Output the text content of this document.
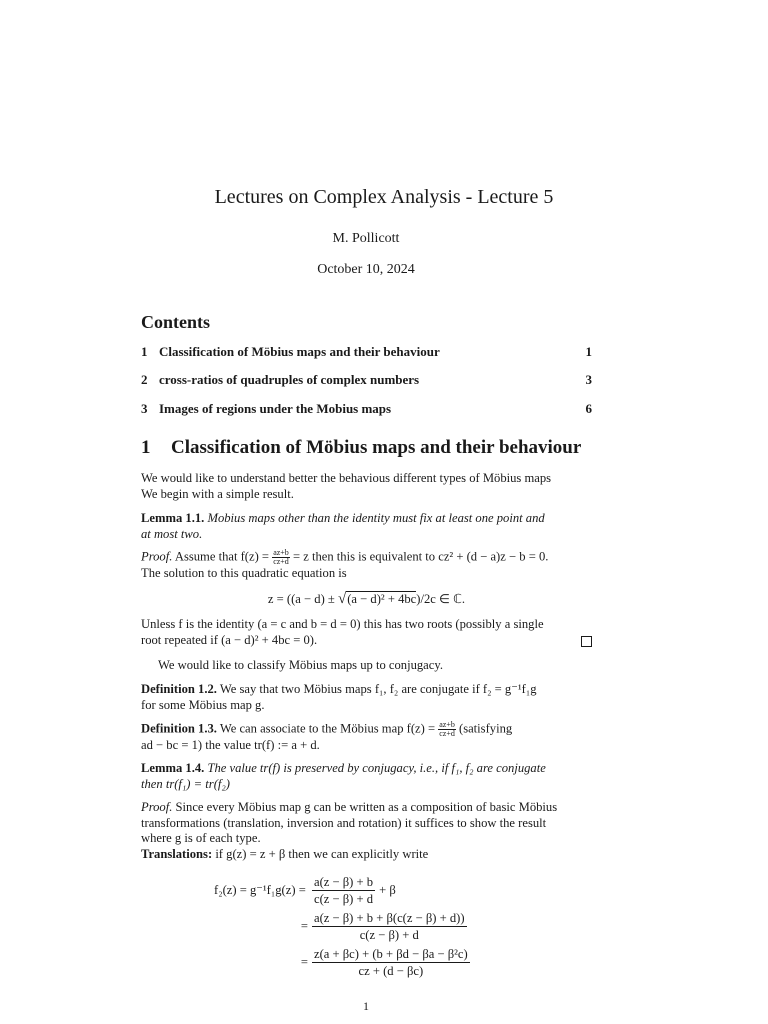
Lectures on Complex Analysis - Lecture 5
M. Pollicott
October 10, 2024
Contents
1 Classification of Möbius maps and their behaviour	1
2 cross-ratios of quadruples of complex numbers	3
3 Images of regions under the Mobius maps	6
1	Classification of Möbius maps and their behaviour
We would like to understand better the behavious different types of Möbius maps
We begin with a simple result.
Lemma 1.1. Mobius maps other than the identity must fix at least one point and
at most two.
Proof. Assume that $f(z) = \frac{az+b}{cz+d} = z$ then this is equivalent to cz² + (d − a)z − b = 0.
The solution to this quadratic equation is
z = ((a − d) ± √(a − d)² + 4bc)/2c ∈ ℂ.
Unless f is the identity (a = c and b = d = 0) this has two roots (possibly a single
root repeated if (a − d)² + 4bc = 0).
We would like to classify Möbius maps up to conjugacy.
Definition 1.2. We say that two Möbius maps f₁, f₂ are conjugate if f₂ = g⁻¹f₁g
for some Möbius map g.
Definition 1.3. We can associate to the Möbius map $f(z) = \frac{az+b}{cz+d}$ (satisfying
ad − bc = 1) the value tr(f) := a + d.
Lemma 1.4. The value tr(f) is preserved by conjugacy, i.e., if f₁, f₂ are conjugate
then tr(f₁) = tr(f₂)
Proof. Since every Möbius map g can be written as a composition of basic Möbius
transformations (translation, inversion and rotation) it suffices to show the result
where g is of each type.
Translations: if g(z) = z + β then we can explicitly write
$f_2(z) = g^{-1}f_1g(z) = \frac{a(z - \beta) + b}{c(z - \beta) + d} + \beta$
= $\frac{a(z - \beta) + b + \beta(c(z - \beta) + d))}{c(z - \beta) + d}$
= $\frac{\text{z(a + βc) + (b + βd − βa − β²c)}}{cz + (d - \beta c)}$
1
